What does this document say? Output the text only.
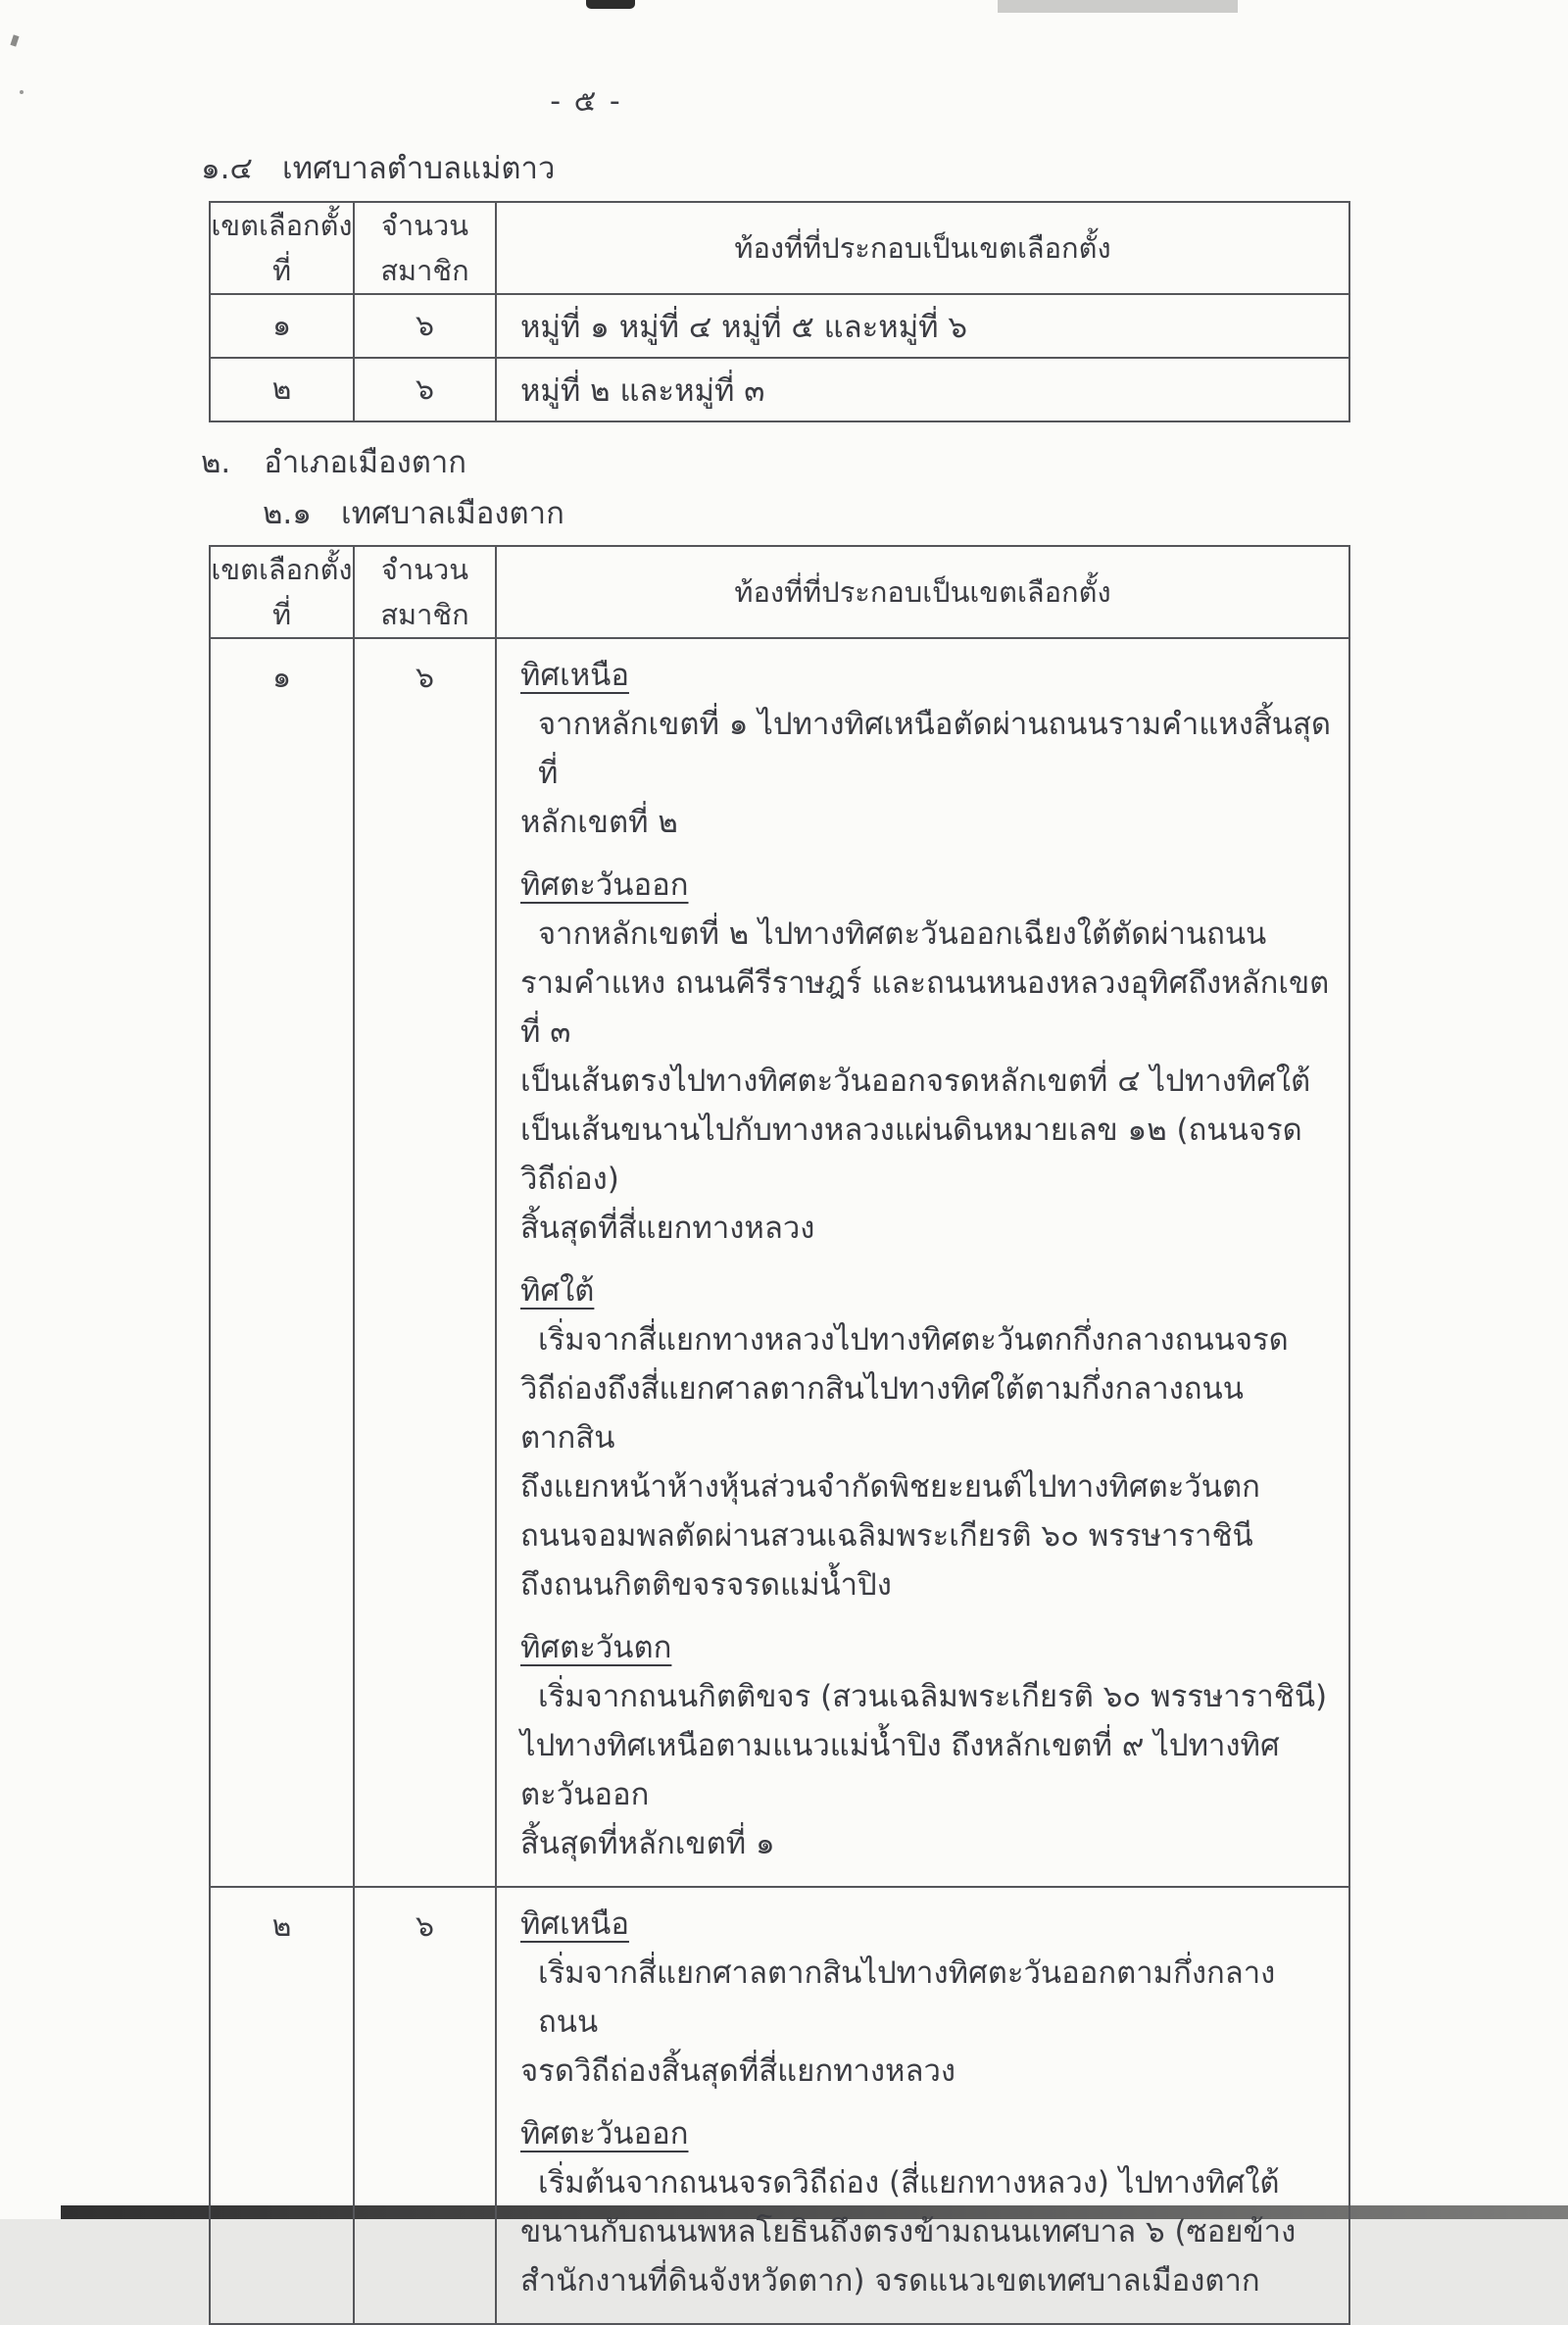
- ๕ -
๑.๔ เทศบาลตำบลแม่ตาว
เขตเลือกตั้งที่	จำนวนสมาชิก	ท้องที่ที่ประกอบเป็นเขตเลือกตั้ง
๑	๖	หมู่ที่ ๑ หมู่ที่ ๔ หมู่ที่ ๕ และหมู่ที่ ๖
๒	๖	หมู่ที่ ๒ และหมู่ที่ ๓
๒. อำเภอเมืองตาก
๒.๑ เทศบาลเมืองตาก
เขตเลือกตั้งที่	จำนวนสมาชิก	ท้องที่ที่ประกอบเป็นเขตเลือกตั้ง
๑	๖	ทิศเหนือ
จากหลักเขตที่ ๑ ไปทางทิศเหนือตัดผ่านถนนรามคำแหงสิ้นสุดที่
หลักเขตที่ ๒
ทิศตะวันออก
จากหลักเขตที่ ๒ ไปทางทิศตะวันออกเฉียงใต้ตัดผ่านถนน
รามคำแหง ถนนคีรีราษฎร์ และถนนหนองหลวงอุทิศถึงหลักเขตที่ ๓
เป็นเส้นตรงไปทางทิศตะวันออกจรดหลักเขตที่ ๔ ไปทางทิศใต้
เป็นเส้นขนานไปกับทางหลวงแผ่นดินหมายเลข ๑๒ (ถนนจรดวิถีถ่อง)
สิ้นสุดที่สี่แยกทางหลวง
ทิศใต้
เริ่มจากสี่แยกทางหลวงไปทางทิศตะวันตกกึ่งกลางถนนจรด
วิถีถ่องถึงสี่แยกศาลตากสินไปทางทิศใต้ตามกึ่งกลางถนนตากสิน
ถึงแยกหน้าห้างหุ้นส่วนจำกัดพิชยะยนต์ไปทางทิศตะวันตก
ถนนจอมพลตัดผ่านสวนเฉลิมพระเกียรติ ๖๐ พรรษาราชินี
ถึงถนนกิตติขจรจรดแม่น้ำปิง
ทิศตะวันตก
เริ่มจากถนนกิตติขจร (สวนเฉลิมพระเกียรติ ๖๐ พรรษาราชินี)
ไปทางทิศเหนือตามแนวแม่น้ำปิง ถึงหลักเขตที่ ๙ ไปทางทิศตะวันออก
สิ้นสุดที่หลักเขตที่ ๑

๒	๖	ทิศเหนือ
เริ่มจากสี่แยกศาลตากสินไปทางทิศตะวันออกตามกึ่งกลางถนน
จรดวิถีถ่องสิ้นสุดที่สี่แยกทางหลวง
ทิศตะวันออก
เริ่มต้นจากถนนจรดวิถีถ่อง (สี่แยกทางหลวง) ไปทางทิศใต้
ขนานกับถนนพหลโยธินถึงตรงข้ามถนนเทศบาล ๖ (ซอยข้าง
สำนักงานที่ดินจังหวัดตาก) จรดแนวเขตเทศบาลเมืองตาก
